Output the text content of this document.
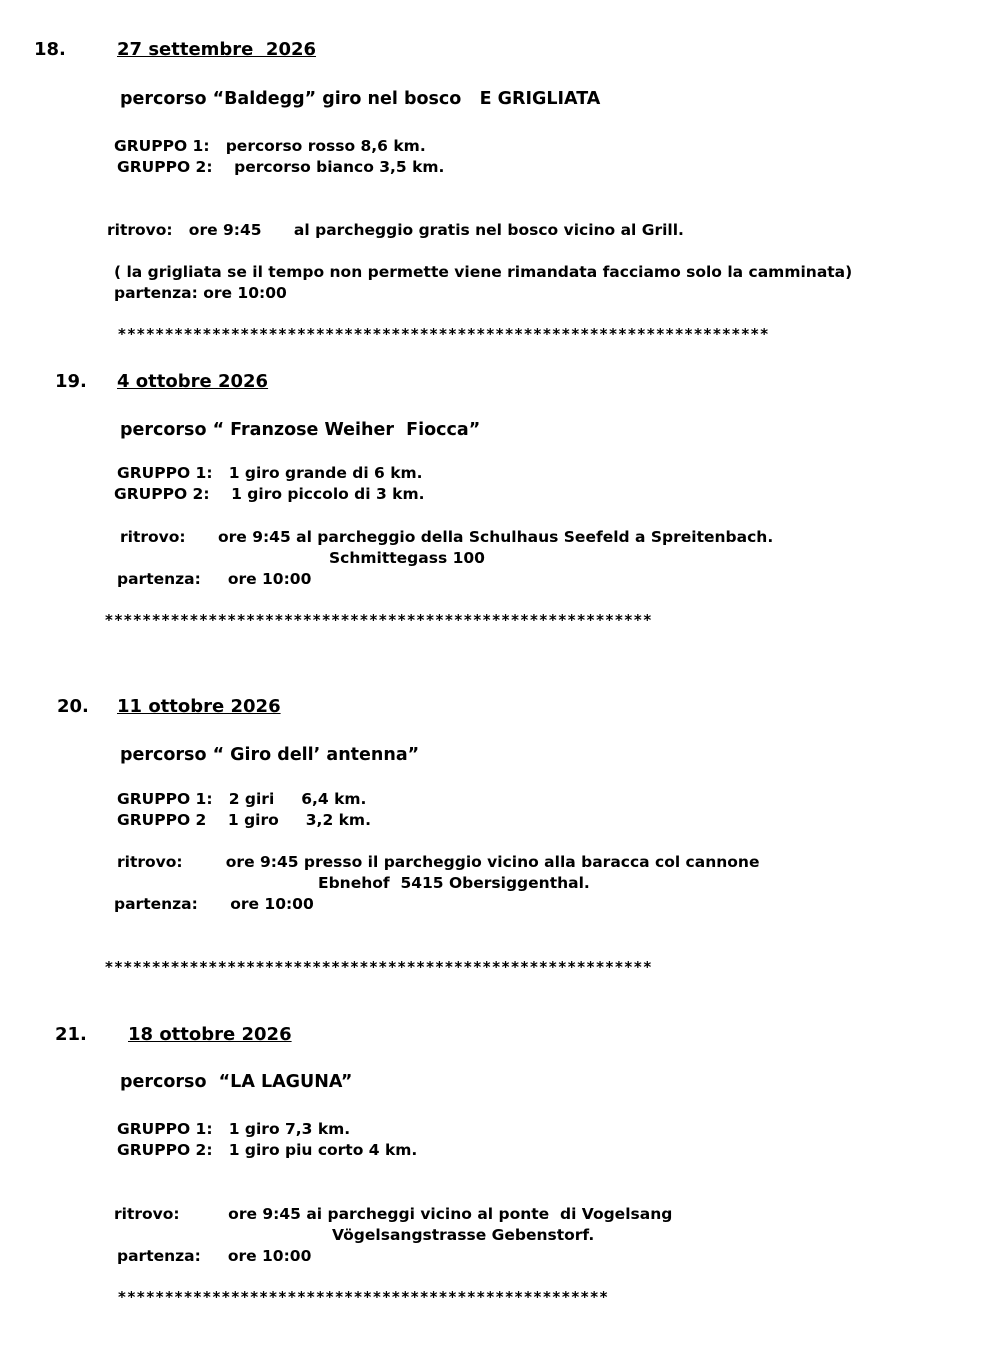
18.	27 settembre  2026
percorso “Baldegg” giro nel bosco   E GRIGLIATA
GRUPPO 1:   percorso rosso 8,6 km.
GRUPPO 2:    percorso bianco 3,5 km.
ritrovo:   ore 9:45      al parcheggio gratis nel bosco vicino al Grill.
( la grigliata se il tempo non permette viene rimandata facciamo solo la camminata)
partenza: ore 10:00
*********************************************************************
19. 4 ottobre 2026
percorso “ Franzose Weiher  Fiocca”
GRUPPO 1:   1 giro grande di 6 km.
GRUPPO 2:    1 giro piccolo di 3 km.
ritrovo:      ore 9:45 al parcheggio della Schulhaus Seefeld a Spreitenbach.
Schmittegass 100
partenza:     ore 10:00
**********************************************************
20. 11 ottobre 2026
percorso “ Giro dell’ antenna”
GRUPPO 1:   2 giri     6,4 km.
GRUPPO 2    1 giro     3,2 km.
ritrovo:        ore 9:45 presso il parcheggio vicino alla baracca col cannone
Ebnehof  5415 Obersiggenthal.
partenza:      ore 10:00
**********************************************************
21. 18 ottobre 2026
percorso  “LA LAGUNA”
GRUPPO 1:   1 giro 7,3 km.
GRUPPO 2:   1 giro piu corto 4 km.
ritrovo:         ore 9:45 ai parcheggi vicino al ponte  di Vogelsang
Vögelsangstrasse Gebenstorf.
partenza:     ore 10:00
****************************************************
